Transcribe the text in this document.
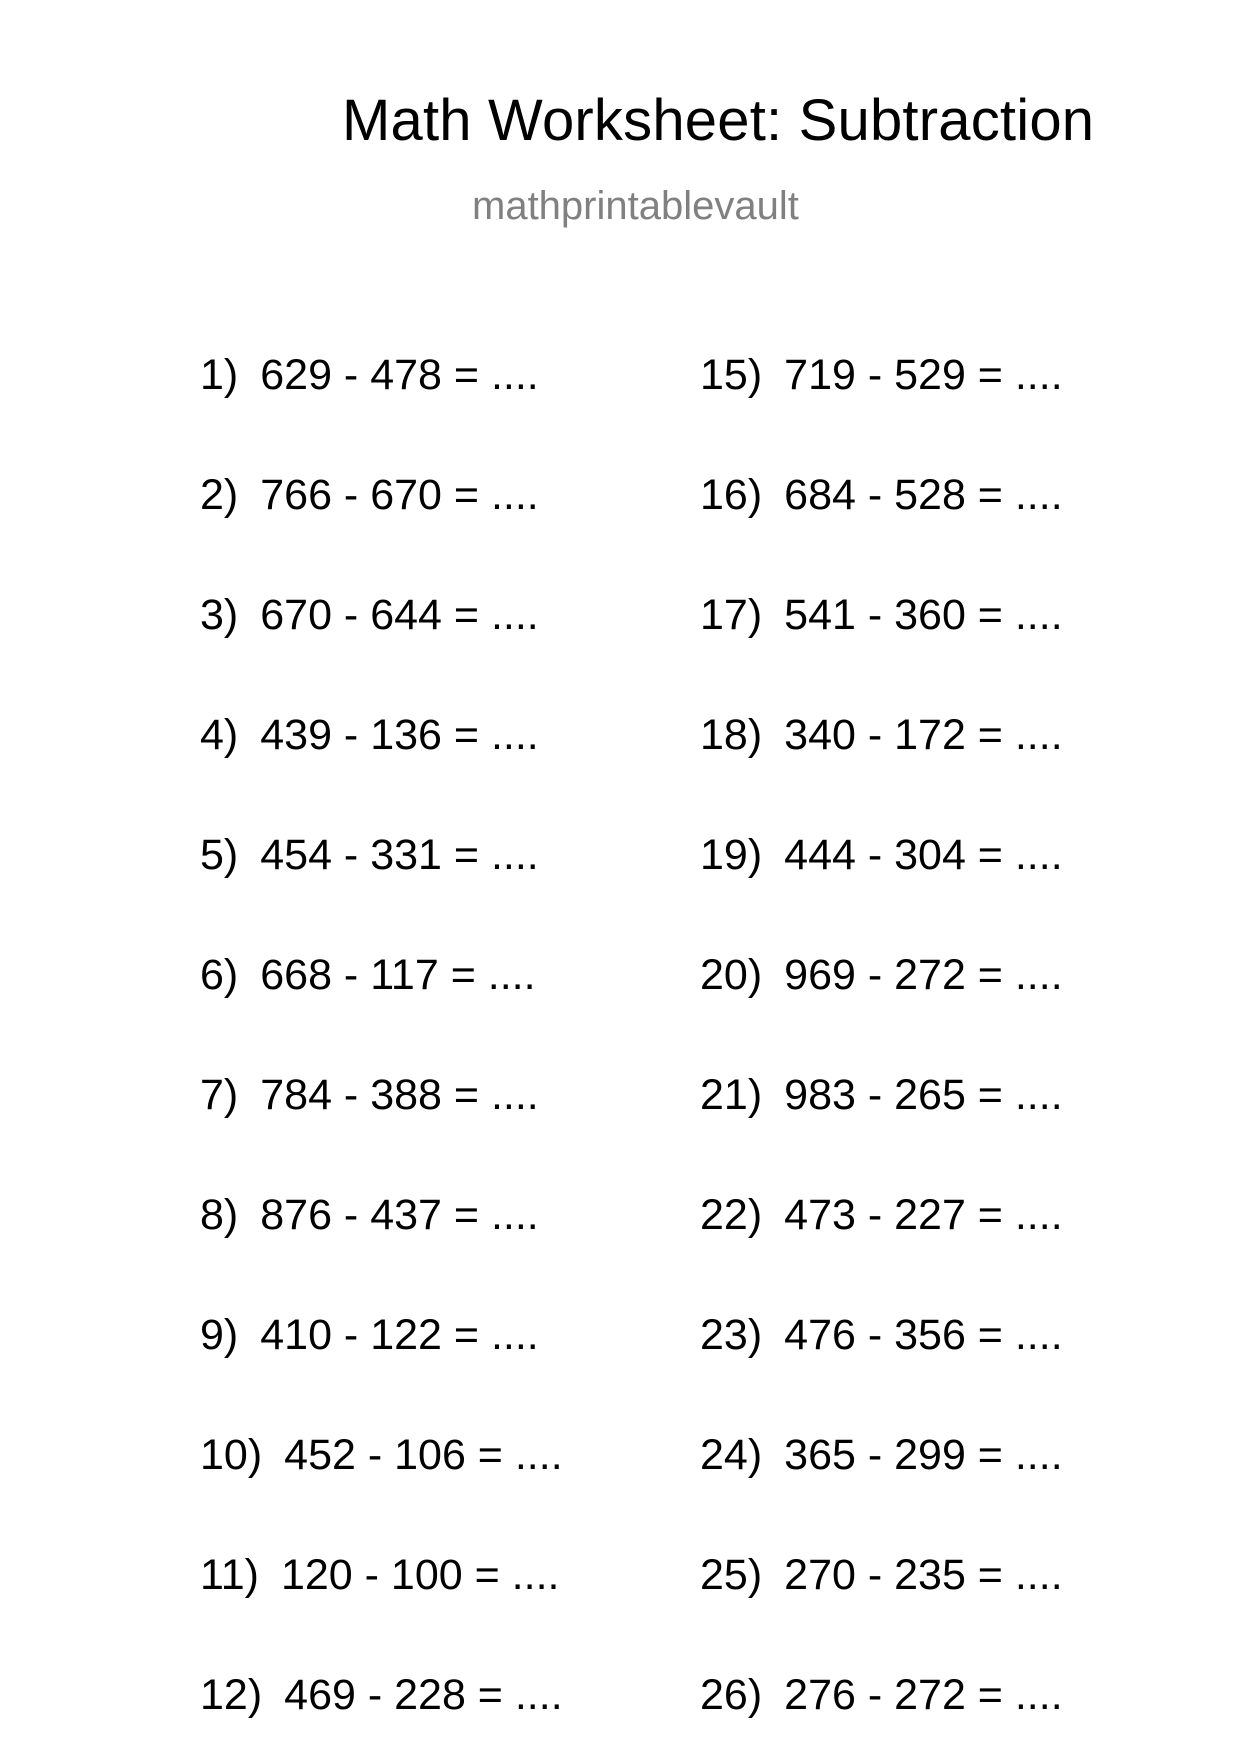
Math Worksheet: Subtraction
mathprintablevault
1) 629 - 478 = ....
2) 766 - 670 = ....
3) 670 - 644 = ....
4) 439 - 136 = ....
5) 454 - 331 = ....
6) 668 - 117 = ....
7) 784 - 388 = ....
8) 876 - 437 = ....
9) 410 - 122 = ....
10) 452 - 106 = ....
11) 120 - 100 = ....
12) 469 - 228 = ....
15) 719 - 529 = ....
16) 684 - 528 = ....
17) 541 - 360 = ....
18) 340 - 172 = ....
19) 444 - 304 = ....
20) 969 - 272 = ....
21) 983 - 265 = ....
22) 473 - 227 = ....
23) 476 - 356 = ....
24) 365 - 299 = ....
25) 270 - 235 = ....
26) 276 - 272 = ....
